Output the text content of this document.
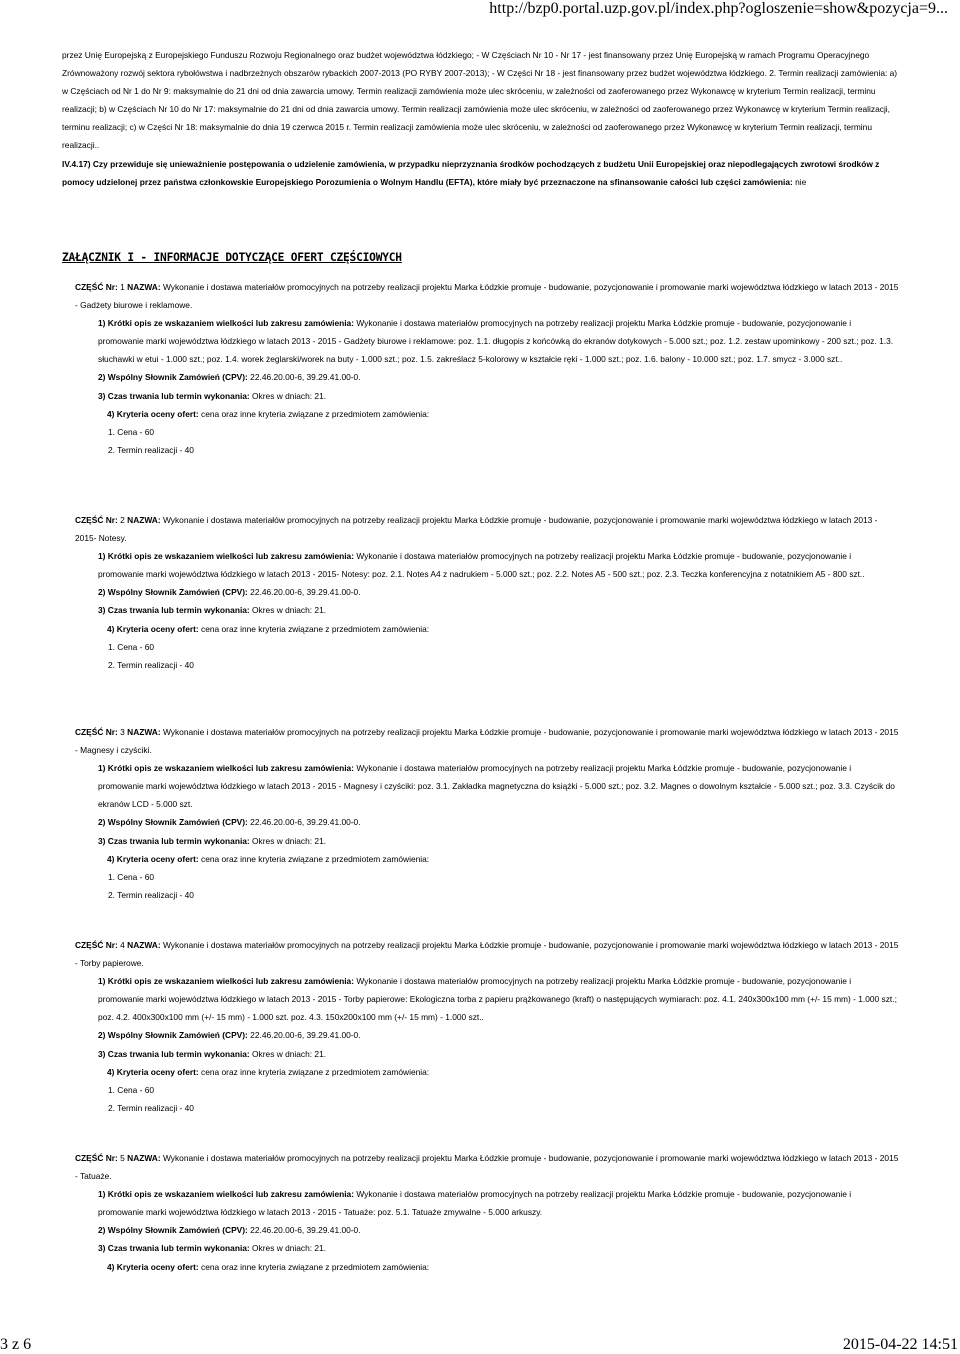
http://bzp0.portal.uzp.gov.pl/index.php?ogloszenie=show&pozycja=9...
przez Unię Europejską z Europejskiego Funduszu Rozwoju Regionalnego oraz budżet województwa łódzkiego; - W Częściach Nr 10 - Nr 17 - jest finansowany przez Unię Europejską w ramach Programu Operacyjnego Zrównoważony rozwój sektora rybołówstwa i nadbrzeżnych obszarów rybackich 2007-2013 (PO RYBY 2007-2013); - W Części Nr 18 - jest finansowany przez budżet województwa łódzkiego. 2. Termin realizacji zamówienia: a) w Częściach od Nr 1 do Nr 9: maksymalnie do 21 dni od dnia zawarcia umowy. Termin realizacji zamówienia może ulec skróceniu, w zależności od zaoferowanego przez Wykonawcę w kryterium Termin realizacji, terminu realizacji; b) w Częściach Nr 10 do Nr 17: maksymalnie do 21 dni od dnia zawarcia umowy. Termin realizacji zamówienia może ulec skróceniu, w zależności od zaoferowanego przez Wykonawcę w kryterium Termin realizacji, terminu realizacji; c) w Części Nr 18: maksymalnie do dnia 19 czerwca 2015 r. Termin realizacji zamówienia może ulec skróceniu, w zależności od zaoferowanego przez Wykonawcę w kryterium Termin realizacji, terminu realizacji..
IV.4.17) Czy przewiduje się unieważnienie postępowania o udzielenie zamówienia, w przypadku nieprzyznania środków pochodzących z budżetu Unii Europejskiej oraz niepodlegających zwrotowi środków z pomocy udzielonej przez państwa członkowskie Europejskiego Porozumienia o Wolnym Handlu (EFTA), które miały być przeznaczone na sfinansowanie całości lub części zamówienia: nie
ZAŁĄCZNIK I - INFORMACJE DOTYCZĄCE OFERT CZĘŚCIOWYCH

CZĘŚĆ Nr: 1 NAZWA: Wykonanie i dostawa materiałów promocyjnych na potrzeby realizacji projektu Marka Łódzkie promuje - budowanie, pozycjonowanie i promowanie marki województwa łódzkiego w latach 2013 - 2015 - Gadżety biurowe i reklamowe.

1) Krótki opis ze wskazaniem wielkości lub zakresu zamówienia: Wykonanie i dostawa materiałów promocyjnych na potrzeby realizacji projektu Marka Łódzkie promuje - budowanie, pozycjonowanie i promowanie marki województwa łódzkiego w latach 2013 - 2015 - Gadżety biurowe i reklamowe: poz. 1.1. długopis z końcówką do ekranów dotykowych - 5.000 szt.; poz. 1.2. zestaw upominkowy - 200 szt.; poz. 1.3. słuchawki w etui - 1.000 szt.; poz. 1.4. worek żeglarski/worek na buty - 1.000 szt.; poz. 1.5. zakreślacz 5-kolorowy w kształcie ręki - 1.000 szt.; poz. 1.6. balony - 10.000 szt.; poz. 1.7. smycz - 3.000 szt..

2) Wspólny Słownik Zamówień (CPV): 22.46.20.00-6, 39.29.41.00-0.

3) Czas trwania lub termin wykonania: Okres w dniach: 21.

4) Kryteria oceny ofert: cena oraz inne kryteria związane z przedmiotem zamówienia:

1. Cena - 60

2. Termin realizacji - 40

CZĘŚĆ Nr: 2 NAZWA: Wykonanie i dostawa materiałów promocyjnych na potrzeby realizacji projektu Marka Łódzkie promuje - budowanie, pozycjonowanie i promowanie marki województwa łódzkiego w latach 2013 - 2015- Notesy.

1) Krótki opis ze wskazaniem wielkości lub zakresu zamówienia: Wykonanie i dostawa materiałów promocyjnych na potrzeby realizacji projektu Marka Łódzkie promuje - budowanie, pozycjonowanie i promowanie marki województwa łódzkiego w latach 2013 - 2015- Notesy: poz. 2.1. Notes A4 z nadrukiem - 5.000 szt.; poz. 2.2. Notes A5 - 500 szt.; poz. 2.3. Teczka konferencyjna z notatnikiem A5 - 800 szt..

2) Wspólny Słownik Zamówień (CPV): 22.46.20.00-6, 39.29.41.00-0.

3) Czas trwania lub termin wykonania: Okres w dniach: 21.

4) Kryteria oceny ofert: cena oraz inne kryteria związane z przedmiotem zamówienia:

1. Cena - 60

2. Termin realizacji - 40

CZĘŚĆ Nr: 3 NAZWA: Wykonanie i dostawa materiałów promocyjnych na potrzeby realizacji projektu Marka Łódzkie promuje - budowanie, pozycjonowanie i promowanie marki województwa łódzkiego w latach 2013 - 2015 - Magnesy i czyściki.

1) Krótki opis ze wskazaniem wielkości lub zakresu zamówienia: Wykonanie i dostawa materiałów promocyjnych na potrzeby realizacji projektu Marka Łódzkie promuje - budowanie, pozycjonowanie i promowanie marki województwa łódzkiego w latach 2013 - 2015 - Magnesy i czyściki: poz. 3.1. Zakładka magnetyczna do książki - 5.000 szt.; poz. 3.2. Magnes o dowolnym kształcie - 5.000 szt.; poz. 3.3. Czyścik do ekranów LCD - 5.000 szt.

2) Wspólny Słownik Zamówień (CPV): 22.46.20.00-6, 39.29.41.00-0.

3) Czas trwania lub termin wykonania: Okres w dniach: 21.

4) Kryteria oceny ofert: cena oraz inne kryteria związane z przedmiotem zamówienia:

1. Cena - 60

2. Termin realizacji - 40

CZĘŚĆ Nr: 4 NAZWA: Wykonanie i dostawa materiałów promocyjnych na potrzeby realizacji projektu Marka Łódzkie promuje - budowanie, pozycjonowanie i promowanie marki województwa łódzkiego w latach 2013 - 2015 - Torby papierowe.

1) Krótki opis ze wskazaniem wielkości lub zakresu zamówienia: Wykonanie i dostawa materiałów promocyjnych na potrzeby realizacji projektu Marka Łódzkie promuje - budowanie, pozycjonowanie i promowanie marki województwa łódzkiego w latach 2013 - 2015 - Torby papierowe: Ekologiczna torba z papieru prążkowanego (kraft) o następujących wymiarach: poz. 4.1. 240x300x100 mm (+/- 15 mm) - 1.000 szt.; poz. 4.2. 400x300x100 mm (+/- 15 mm) - 1.000 szt. poz. 4.3. 150x200x100 mm (+/- 15 mm) - 1.000 szt..

2) Wspólny Słownik Zamówień (CPV): 22.46.20.00-6, 39.29.41.00-0.

3) Czas trwania lub termin wykonania: Okres w dniach: 21.

4) Kryteria oceny ofert: cena oraz inne kryteria związane z przedmiotem zamówienia:

1. Cena - 60

2. Termin realizacji - 40

CZĘŚĆ Nr: 5 NAZWA: Wykonanie i dostawa materiałów promocyjnych na potrzeby realizacji projektu Marka Łódzkie promuje - budowanie, pozycjonowanie i promowanie marki województwa łódzkiego w latach 2013 - 2015 - Tatuaże.

1) Krótki opis ze wskazaniem wielkości lub zakresu zamówienia: Wykonanie i dostawa materiałów promocyjnych na potrzeby realizacji projektu Marka Łódzkie promuje - budowanie, pozycjonowanie i promowanie marki województwa łódzkiego w latach 2013 - 2015 - Tatuaże: poz. 5.1. Tatuaże zmywalne - 5.000 arkuszy.

2) Wspólny Słownik Zamówień (CPV): 22.46.20.00-6, 39.29.41.00-0.

3) Czas trwania lub termin wykonania: Okres w dniach: 21.

4) Kryteria oceny ofert: cena oraz inne kryteria związane z przedmiotem zamówienia:

3 z 6	2015-04-22 14:51
